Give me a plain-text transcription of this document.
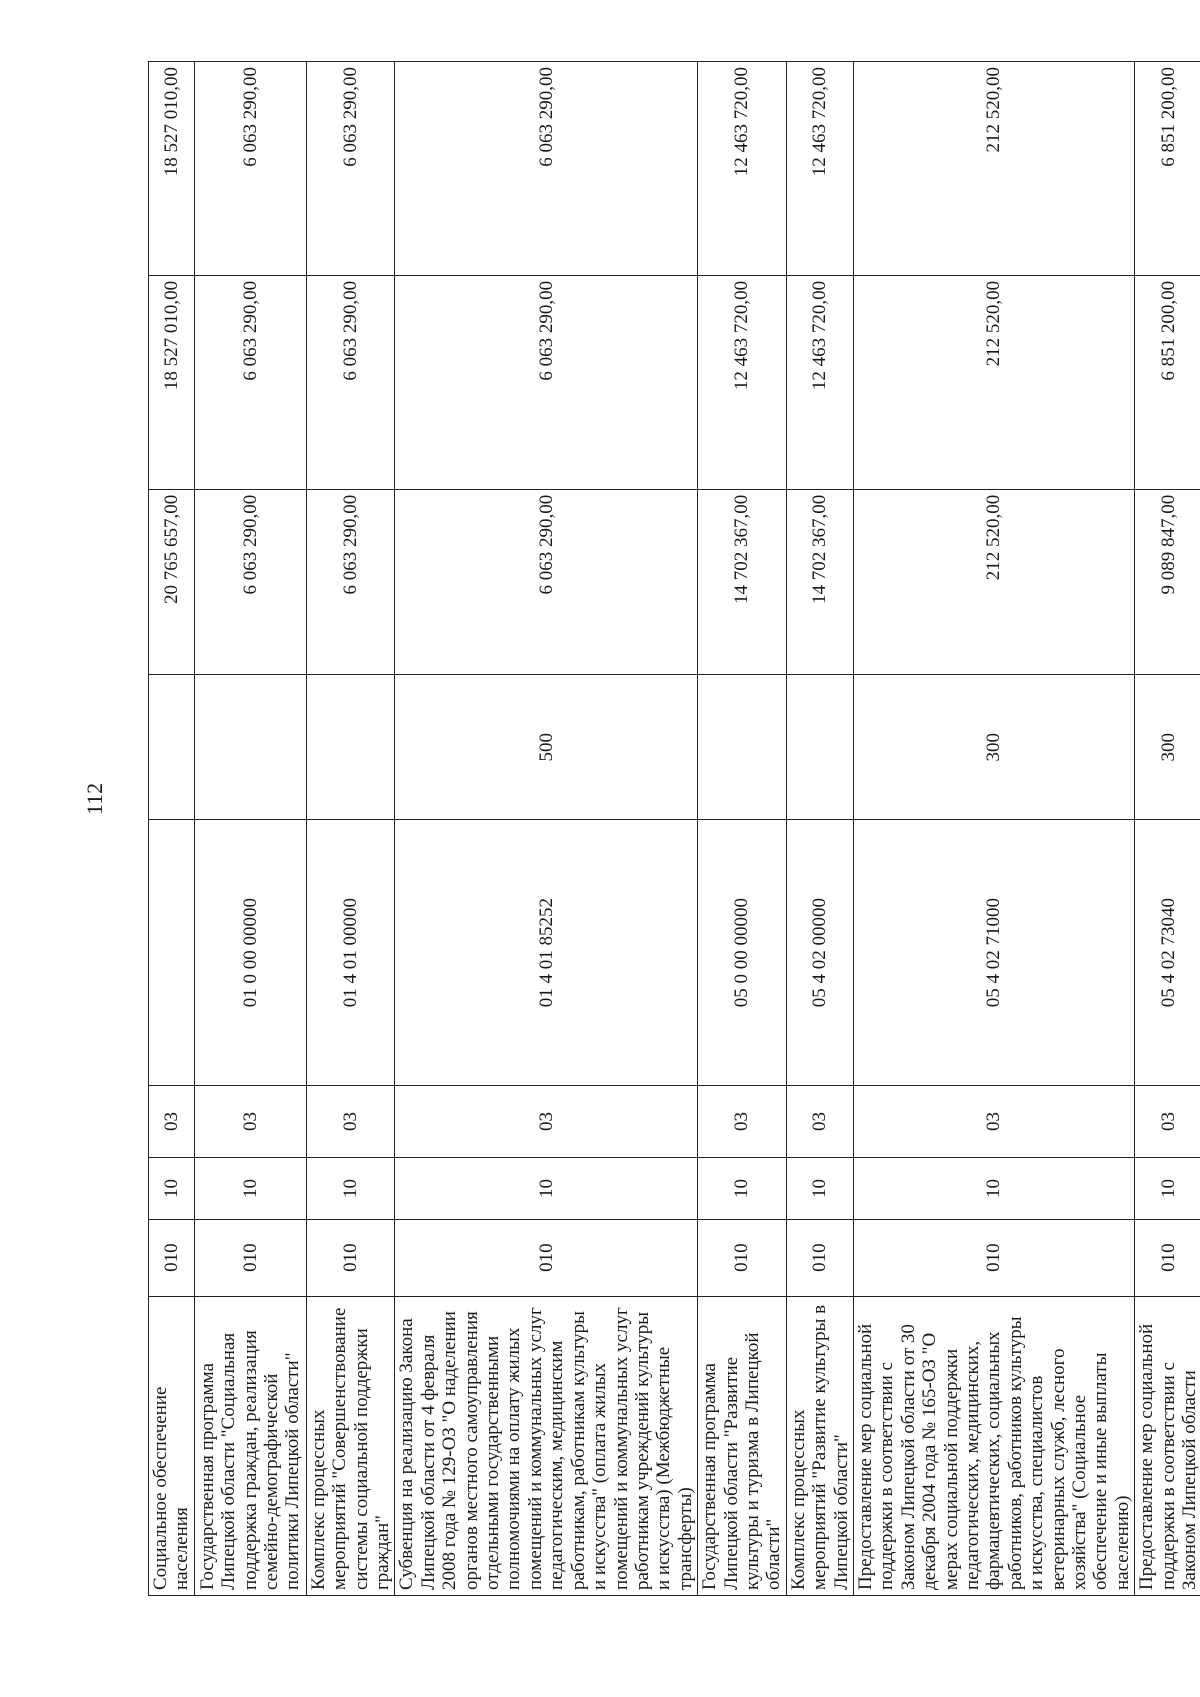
112
Социальное обеспечение населения	010	10	03			20 765 657,00	18 527 010,00	18 527 010,00
Государственная программа Липецкой области "Социальная поддержка граждан, реализация семейно-демографической политики Липецкой области"	010	10	03	01 0 00 00000		6 063 290,00	6 063 290,00	6 063 290,00
Комплекс процессных мероприятий "Совершенствование системы социальной поддержки граждан"	010	10	03	01 4 01 00000		6 063 290,00	6 063 290,00	6 063 290,00
Субвенция на реализацию Закона Липецкой области от 4 февраля 2008 года № 129-ОЗ "О наделении органов местного самоуправления отдельными государственными полномочиями на оплату жилых помещений и коммунальных услуг педагогическим, медицинским работникам, работникам культуры и искусства" (оплата жилых помещений и коммунальных услуг работникам учреждений культуры и искусства) (Межбюджетные трансферты)	010	10	03	01 4 01 85252	500	6 063 290,00	6 063 290,00	6 063 290,00
Государственная программа Липецкой области "Развитие культуры и туризма в Липецкой области"	010	10	03	05 0 00 00000		14 702 367,00	12 463 720,00	12 463 720,00
Комплекс процессных мероприятий "Развитие культуры в Липецкой области"	010	10	03	05 4 02 00000		14 702 367,00	12 463 720,00	12 463 720,00
Предоставление мер социальной поддержки в соответствии с Законом Липецкой области от 30 декабря 2004 года № 165-ОЗ "О мерах социальной поддержки педагогических, медицинских, фармацевтических, социальных работников, работников культуры и искусства, специалистов ветеринарных служб, лесного хозяйства" (Социальное обеспечение и иные выплаты населению)	010	10	03	05 4 02 71000	300	212 520,00	212 520,00	212 520,00
Предоставление мер социальной поддержки в соответствии с Законом Липецкой области	010	10	03	05 4 02 73040	300	9 089 847,00	6 851 200,00	6 851 200,00
